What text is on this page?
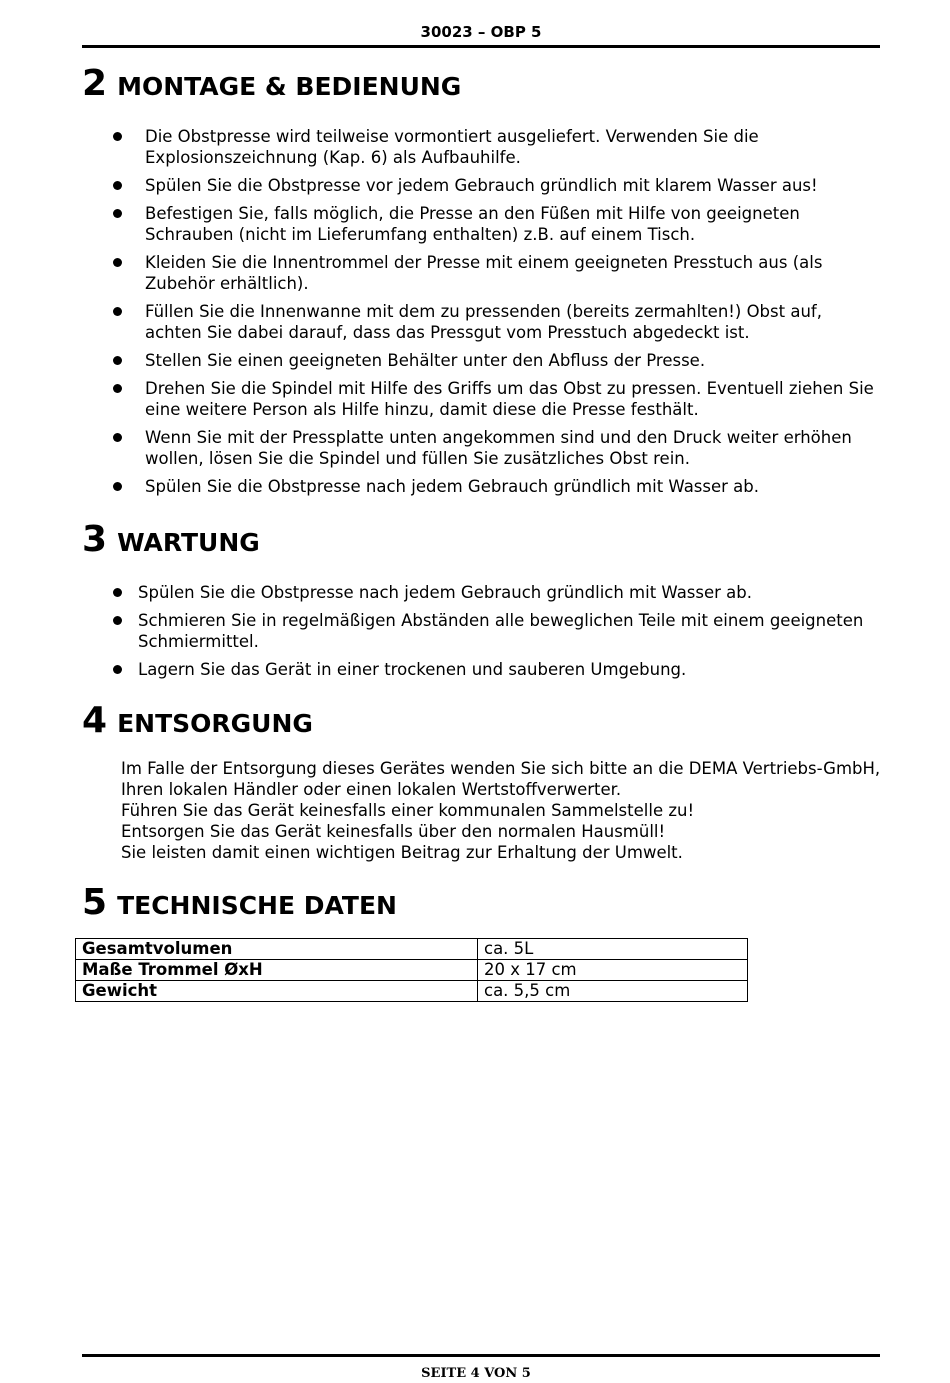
30023 – OBP 5
2 MONTAGE & BEDIENUNG
Die Obstpresse wird teilweise vormontiert ausgeliefert. Verwenden Sie die Explosionszeichnung (Kap. 6) als Aufbauhilfe.
Spülen Sie die Obstpresse vor jedem Gebrauch gründlich mit klarem Wasser aus!
Befestigen Sie, falls möglich, die Presse an den Füßen mit Hilfe von geeigneten Schrauben (nicht im Lieferumfang enthalten) z.B. auf einem Tisch.
Kleiden Sie die Innentrommel der Presse mit einem geeigneten Presstuch aus (als Zubehör erhältlich).
Füllen Sie die Innenwanne mit dem zu pressenden (bereits zermahlten!) Obst auf, achten Sie dabei darauf, dass das Pressgut vom Presstuch abgedeckt ist.
Stellen Sie einen geeigneten Behälter unter den Abfluss der Presse.
Drehen Sie die Spindel mit Hilfe des Griffs um das Obst zu pressen. Eventuell ziehen Sie eine weitere Person als Hilfe hinzu, damit diese die Presse festhält.
Wenn Sie mit der Pressplatte unten angekommen sind und den Druck weiter erhöhen wollen, lösen Sie die Spindel und füllen Sie zusätzliches Obst rein.
Spülen Sie die Obstpresse nach jedem Gebrauch gründlich mit Wasser ab.
3 WARTUNG
Spülen Sie die Obstpresse nach jedem Gebrauch gründlich mit Wasser ab.
Schmieren Sie in regelmäßigen Abständen alle beweglichen Teile mit einem geeigneten Schmiermittel.
Lagern Sie das Gerät in einer trockenen und sauberen Umgebung.
4 ENTSORGUNG
Im Falle der Entsorgung dieses Gerätes wenden Sie sich bitte an die DEMA Vertriebs-GmbH, Ihren lokalen Händler oder einen lokalen Wertstoffverwerter.
Führen Sie das Gerät keinesfalls einer kommunalen Sammelstelle zu!
Entsorgen Sie das Gerät keinesfalls über den normalen Hausmüll!
Sie leisten damit einen wichtigen Beitrag zur Erhaltung der Umwelt.
5 TECHNISCHE DATEN
Gesamtvolumen	ca. 5L
Maße Trommel ØxH	20 x 17 cm
Gewicht	ca. 5,5 cm
SEITE 4 VON 5
